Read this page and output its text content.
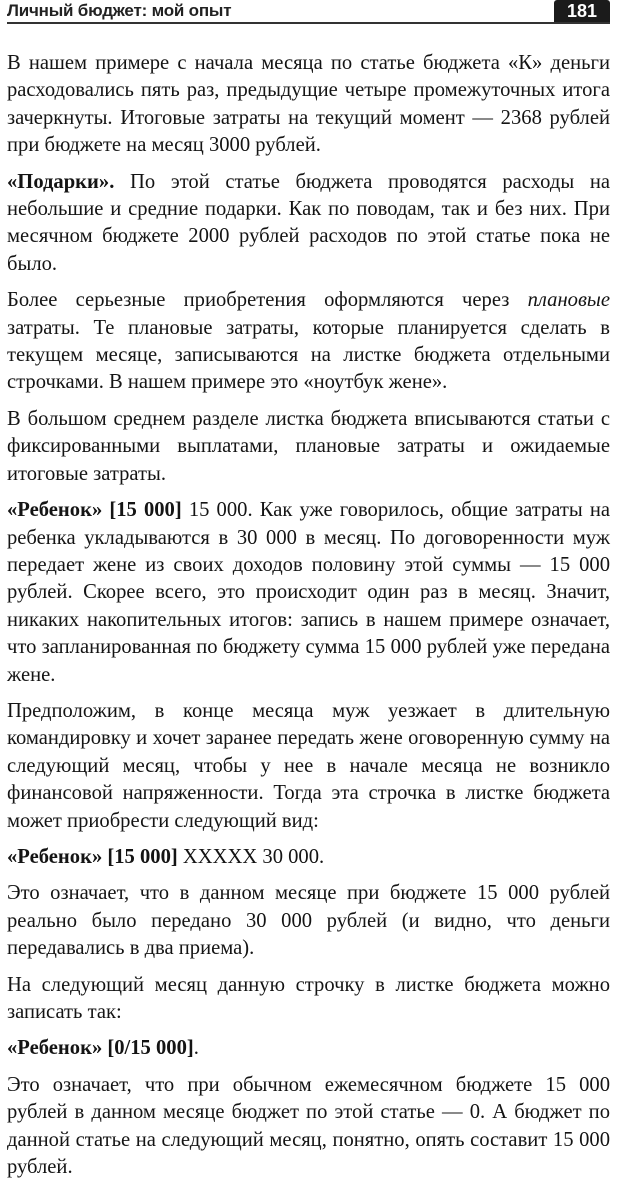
Личный бюджет: мой опыт	181

В нашем примере с начала месяца по статье бюджета «К» деньги расходовались пять раз, предыдущие четыре промежуточных итога зачеркнуты. Итоговые затраты на текущий момент — 2368 рублей при бюджете на месяц 3000 рублей.

«Подарки». По этой статье бюджета проводятся расходы на небольшие и средние подарки. Как по поводам, так и без них. При месячном бюджете 2000 рублей расходов по этой статье пока не было.

Более серьезные приобретения оформляются через плановые затраты. Те плановые затраты, которые планируется сделать в текущем месяце, записываются на листке бюджета отдельными строчками. В нашем примере это «ноутбук жене».

В большом среднем разделе листка бюджета вписываются статьи с фиксированными выплатами, плановые затраты и ожидаемые итоговые затраты.

«Ребенок» [15 000] 15 000. Как уже говорилось, общие затраты на ребенка укладываются в 30 000 в месяц. По договоренности муж передает жене из своих доходов половину этой суммы — 15 000 рублей. Скорее всего, это происходит один раз в месяц. Значит, никаких накопительных итогов: запись в нашем примере означает, что запланированная по бюджету сумма 15 000 рублей уже передана жене.

Предположим, в конце месяца муж уезжает в длительную командировку и хочет заранее передать жене оговоренную сумму на следующий месяц, чтобы у нее в начале месяца не возникло финансовой напряженности. Тогда эта строчка в листке бюджета может приобрести следующий вид:

«Ребенок» [15 000] XXXXX 30 000.

Это означает, что в данном месяце при бюджете 15 000 рублей реально было передано 30 000 рублей (и видно, что деньги передавались в два приема).

На следующий месяц данную строчку в листке бюджета можно записать так:

«Ребенок» [0/15 000].

Это означает, что при обычном ежемесячном бюджете 15 000 рублей в данном месяце бюджет по этой статье — 0. А бюджет по данной статье на следующий месяц, понятно, опять составит 15 000 рублей.
